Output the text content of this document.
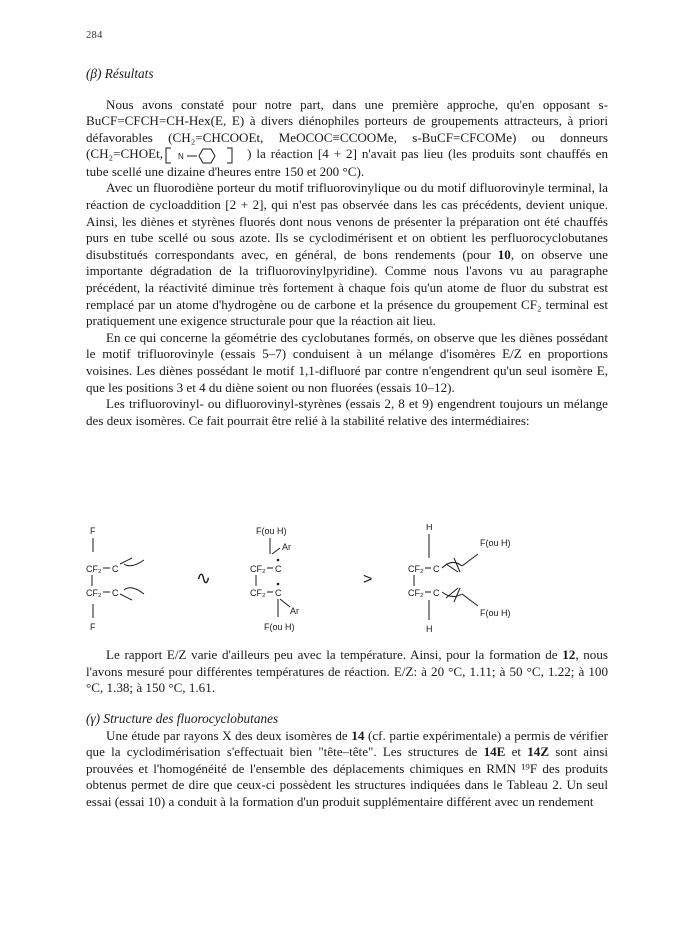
284
(β) Résultats

Nous avons constaté pour notre part, dans une première approche, qu'en opposant s-BuCF=CFCH=CH-Hex(E, E) à divers diénophiles porteurs de groupements attracteurs, à priori défavorables (CH₂=CHCOOEt, MeOCOC≡CCOOMe, s-BuCF=CFCOMe) ou donneurs (CH₂=CHOEt, N	) la réaction [4 + 2] n'avait pas lieu (les produits sont chauffés en tube scellé une dizaine d'heures entre 150 et 200 °C).

Avec un fluorodiène porteur du motif trifluorovinylique ou du motif difluorovinyle terminal, la réaction de cycloaddition [2 + 2], qui n'est pas observée dans les cas précédents, devient unique. Ainsi, les diènes et styrènes fluorés dont nous venons de présenter la préparation ont été chauffés purs en tube scellé ou sous azote. Ils se cyclodimérisent et on obtient les perfluorocyclobutanes disubstitués correspondants avec, en général, de bons rendements (pour 10, on observe une importante dégradation de la trifluorovinylpyridine). Comme nous l'avons vu au paragraphe précédent, la réactivité diminue très fortement à chaque fois qu'un atome de fluor du substrat est remplacé par un atome d'hydrogène ou de carbone et la présence du groupement CF₂ terminal est pratiquement une exigence structurale pour que la réaction ait lieu.

En ce qui concerne la géométrie des cyclobutanes formés, on observe que les diènes possédant le motif trifluorovinyle (essais 5–7) conduisent à un mélange d'isomères E/Z en proportions voisines. Les diènes possédant le motif 1,1-difluoré par contre n'engendrent qu'un seul isomère E, que les positions 3 et 4 du diène soient ou non fluorées (essais 10–12).

Les trifluorovinyl- ou difluorovinyl-styrènes (essais 2, 8 et 9) engendrent toujours un mélange des deux isomères. Ce fait pourrait être relié à la stabilité relative des intermédiaires:

F
CF₂ C
CF₂ C
F
∿
F(ou H)
Ar
CF₂ C
CF₂ C
Ar
F(ou H)
>
H
F(ou H)
CF₂ C
CF₂ C
F(ou H)
H

Le rapport E/Z varie d'ailleurs peu avec la température. Ainsi, pour la formation de 12, nous l'avons mesuré pour différentes températures de réaction. E/Z: à 20 °C, 1.11; à 50 °C, 1.22; à 100 °C, 1.38; à 150 °C, 1.61.

(γ) Structure des fluorocyclobutanes

Une étude par rayons X des deux isomères de 14 (cf. partie expérimentale) a permis de vérifier que la cyclodimérisation s'effectuait bien "tête–tête". Les structures de 14E et 14Z sont ainsi prouvées et l'homogénéité de l'ensemble des déplacements chimiques en RMN ¹⁹F des produits obtenus permet de dire que ceux-ci possèdent les structures indiquées dans le Tableau 2. Un seul essai (essai 10) a conduit à la formation d'un produit supplémentaire différent avec un rendement
